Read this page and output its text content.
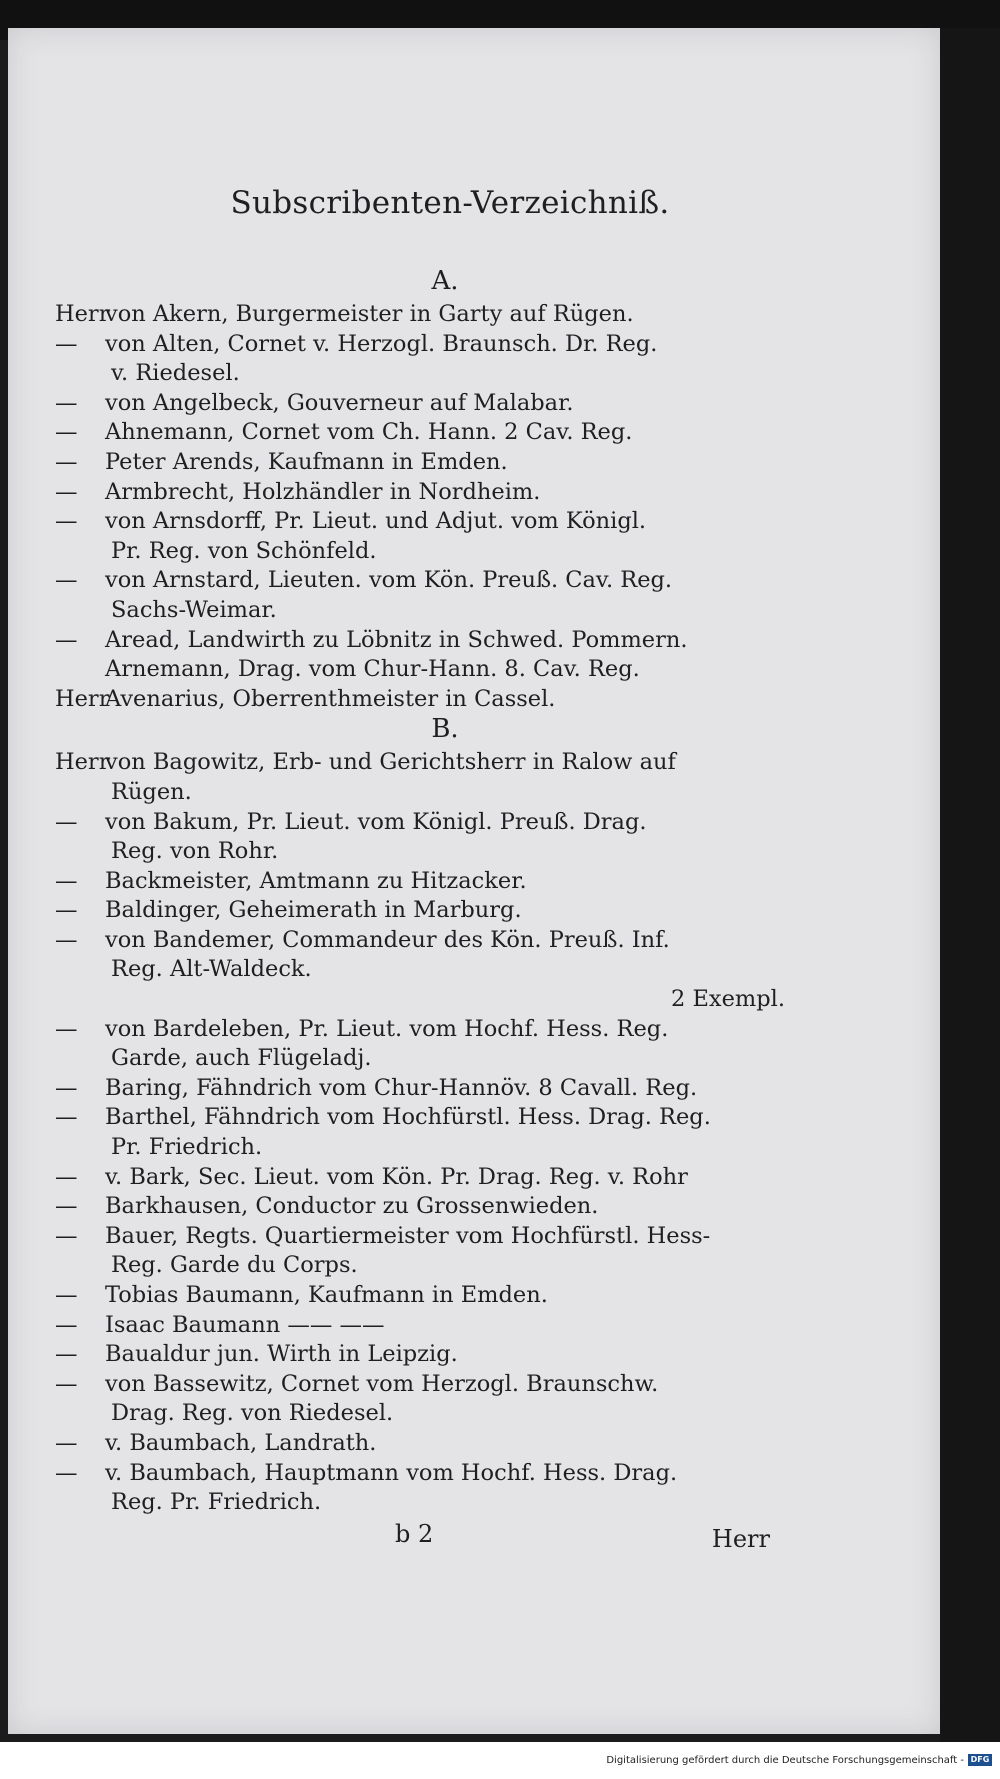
Subscribenten-Verzeichniß.
A.
Herrvon Akern, Burgermeister in Garty auf Rügen.
— von Alten, Cornet v. Herzogl. Braunsch. Dr. Reg.
v. Riedesel.
— von Angelbeck, Gouverneur auf Malabar.
— Ahnemann, Cornet vom Ch. Hann. 2 Cav. Reg.
— Peter Arends, Kaufmann in Emden.
— Armbrecht, Holzhändler in Nordheim.
— von Arnsdorff, Pr. Lieut. und Adjut. vom Königl.
Pr. Reg. von Schönfeld.
— von Arnstard, Lieuten. vom Kön. Preuß. Cav. Reg.
Sachs-Weimar.
— Aread, Landwirth zu Löbnitz in Schwed. Pommern.
Arnemann, Drag. vom Chur-Hann. 8. Cav. Reg.
HerrAvenarius, Oberrenthmeister in Cassel.
B.
Herrvon Bagowitz, Erb- und Gerichtsherr in Ralow auf
Rügen.
— von Bakum, Pr. Lieut. vom Königl. Preuß. Drag.
Reg. von Rohr.
— Backmeister, Amtmann zu Hitzacker.
— Baldinger, Geheimerath in Marburg.
— von Bandemer, Commandeur des Kön. Preuß. Inf.
Reg. Alt-Waldeck.
2 Exempl.
— von Bardeleben, Pr. Lieut. vom Hochf. Hess. Reg.
Garde, auch Flügeladj.
— Baring, Fähndrich vom Chur-Hannöv. 8 Cavall. Reg.
— Barthel, Fähndrich vom Hochfürstl. Hess. Drag. Reg.
Pr. Friedrich.
— v. Bark, Sec. Lieut. vom Kön. Pr. Drag. Reg. v. Rohr
— Barkhausen, Conductor zu Grossenwieden.
— Bauer, Regts. Quartiermeister vom Hochfürstl. Hess-
Reg. Garde du Corps.
— Tobias Baumann, Kaufmann in Emden.
— Isaac Baumann —— ——
— Baualdur jun. Wirth in Leipzig.
— von Bassewitz, Cornet vom Herzogl. Braunschw.
Drag. Reg. von Riedesel.
— v. Baumbach, Landrath.
— v. Baumbach, Hauptmann vom Hochf. Hess. Drag.
Reg. Pr. Friedrich.
b 2	Herr
Digitalisierung gefördert durch die Deutsche Forschungsgemeinschaft - DFG
